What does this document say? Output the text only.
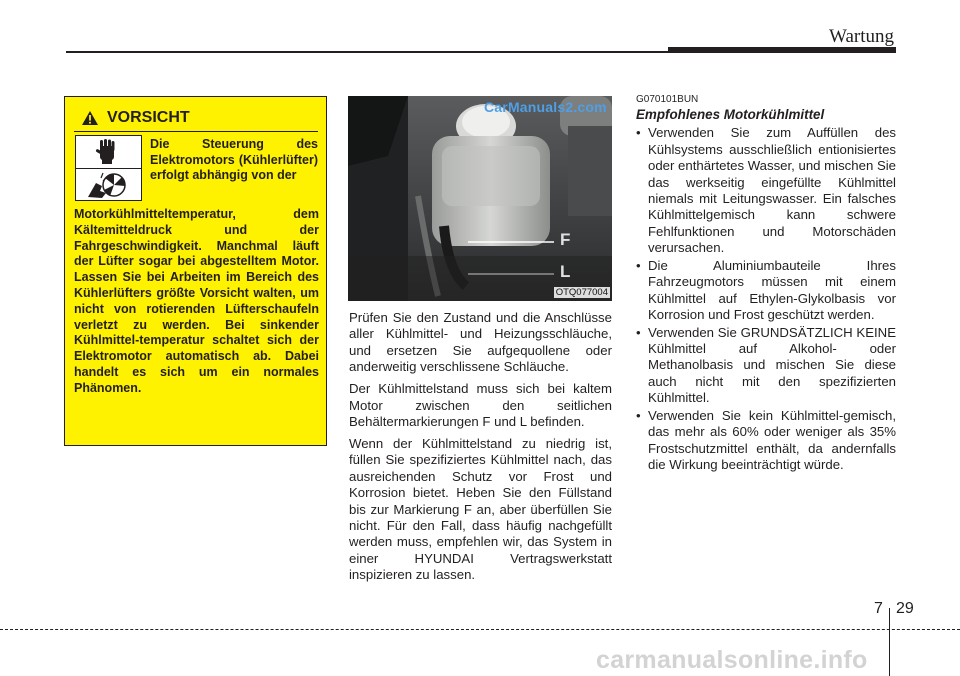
Wartung
VORSICHT
Die Steuerung des Elektromotors (Kühlerlüfter) erfolgt abhängig von der
Motorkühlmitteltemperatur, dem Kältemitteldruck und der Fahrgeschwindigkeit. Manchmal läuft der Lüfter sogar bei abgestelltem Motor. Lassen Sie bei Arbeiten im Bereich des Kühlerlüfters größte Vorsicht walten, um nicht von rotierenden Lüfterschaufeln verletzt zu werden. Bei sinkender Kühlmittel-temperatur schaltet sich der Elektromotor automatisch ab. Dabei handelt es sich um ein normales Phänomen.
CarManuals2.com
F
L
OTQ077004

Prüfen Sie den Zustand und die Anschlüsse aller Kühlmittel- und Heizungsschläuche, und ersetzen Sie aufgequollene oder anderweitig verschlissene Schläuche.

Der Kühlmittelstand muss sich bei kaltem Motor zwischen den seitlichen Behältermarkierungen F und L befinden.

Wenn der Kühlmittelstand zu niedrig ist, füllen Sie spezifiziertes Kühlmittel nach, das ausreichenden Schutz vor Frost und Korrosion bietet. Heben Sie den Füllstand bis zur Markierung F an, aber überfüllen Sie nicht. Für den Fall, dass häufig nachgefüllt werden muss, empfehlen wir, das System in einer HYUNDAI Vertragswerkstatt inspizieren zu lassen.

G070101BUN
Empfohlenes Motorkühlmittel
• Verwenden Sie zum Auffüllen des Kühlsystems ausschließlich entionisiertes oder enthärtetes Wasser, und mischen Sie das werkseitig eingefüllte Kühlmittel niemals mit Leitungswasser. Ein falsches Kühlmittelgemisch kann schwere Fehlfunktionen und Motorschäden verursachen.
• Die Aluminiumbauteile Ihres Fahrzeugmotors müssen mit einem Kühlmittel auf Ethylen-Glykolbasis vor Korrosion und Frost geschützt werden.
• Verwenden Sie GRUNDSÄTZLICH KEINE Kühlmittel auf Alkohol- oder Methanolbasis und mischen Sie diese auch nicht mit den spezifizierten Kühlmittel.
• Verwenden Sie kein Kühlmittel-gemisch, das mehr als 60% oder weniger als 35% Frostschutzmittel enthält, da andernfalls die Wirkung beeinträchtigt würde.
7 29
carmanualsonline.info
